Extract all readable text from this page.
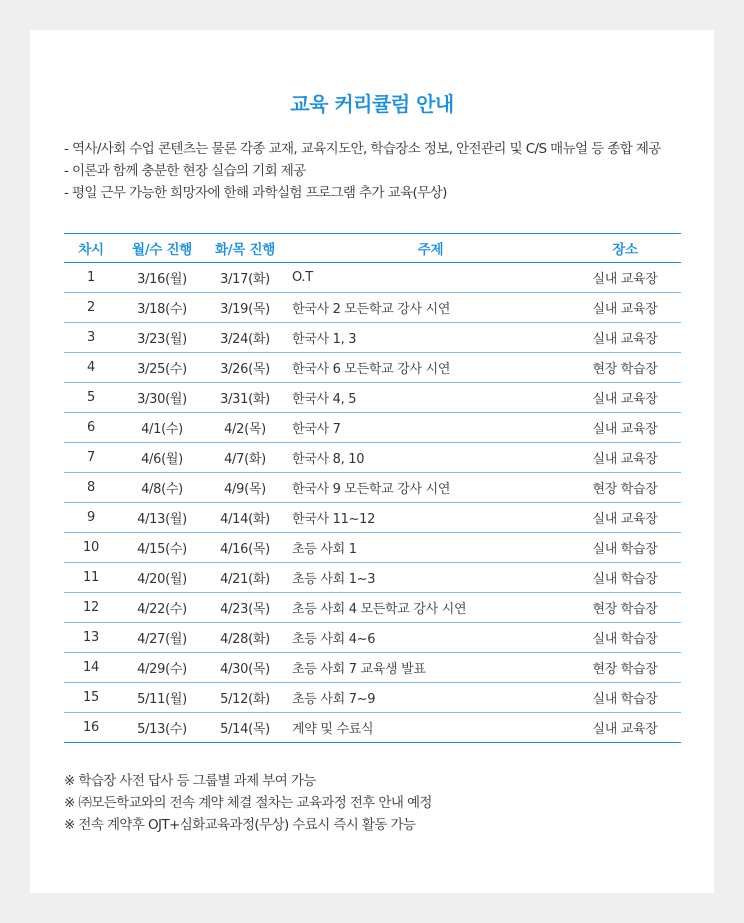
교육 커리큘럼 안내
- 역사/사회 수업 콘텐츠는 물론 각종 교재, 교육지도안, 학습장소 정보, 안전관리 및 C/S 매뉴얼 등 종합 제공
- 이론과 함께 충분한 현장 실습의 기회 제공
- 평일 근무 가능한 희망자에 한해 과학실험 프로그램 추가 교육(무상)
차시	월/수 진행	화/목 진행	주제	장소
1	3/16(월)	3/17(화)	O.T	실내 교육장
2	3/18(수)	3/19(목)	한국사 2 모든학교 강사 시연	실내 교육장
3	3/23(월)	3/24(화)	한국사 1, 3	실내 교육장
4	3/25(수)	3/26(목)	한국사 6 모든학교 강사 시연	현장 학습장
5	3/30(월)	3/31(화)	한국사 4, 5	실내 교육장
6	4/1(수)	4/2(목)	한국사 7	실내 교육장
7	4/6(월)	4/7(화)	한국사 8, 10	실내 교육장
8	4/8(수)	4/9(목)	한국사 9 모든학교 강사 시연	현장 학습장
9	4/13(월)	4/14(화)	한국사 11~12	실내 교육장
10	4/15(수)	4/16(목)	초등 사회 1	실내 학습장
11	4/20(월)	4/21(화)	초등 사회 1~3	실내 학습장
12	4/22(수)	4/23(목)	초등 사회 4 모든학교 강사 시연	현장 학습장
13	4/27(월)	4/28(화)	초등 사회 4~6	실내 학습장
14	4/29(수)	4/30(목)	초등 사회 7 교육생 발표	현장 학습장
15	5/11(월)	5/12(화)	초등 사회 7~9	실내 학습장
16	5/13(수)	5/14(목)	계약 및 수료식	실내 교육장
※ 학습장 사전 답사 등 그룹별 과제 부여 가능
※ ㈜모든학교와의 전속 계약 체결 절차는 교육과정 전후 안내 예정
※ 전속 계약후 OJT+심화교육과정(무상) 수료시 즉시 활동 가능
